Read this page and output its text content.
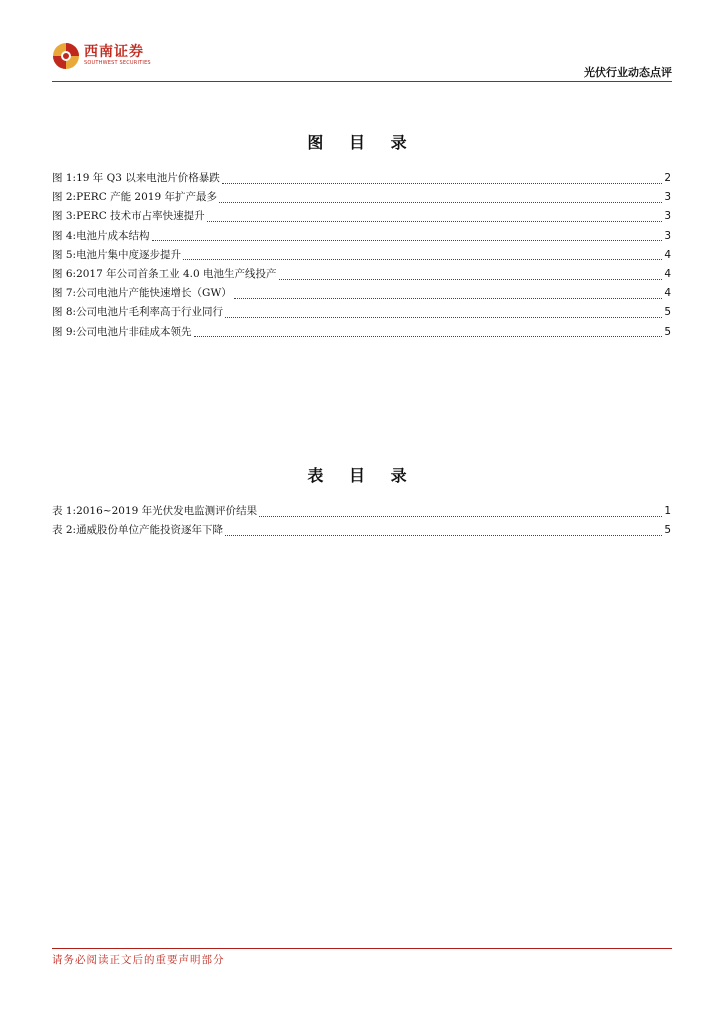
西南证券
SOUTHWEST SECURITIES
光伏行业动态点评
图 目 录
图 1: 19 年 Q3 以来电池片价格暴跌	2
图 2: PERC 产能 2019 年扩产最多	3
图 3: PERC 技术市占率快速提升	3
图 4: 电池片成本结构	3
图 5: 电池片集中度逐步提升	4
图 6: 2017 年公司首条工业 4.0 电池生产线投产	4
图 7: 公司电池片产能快速增长（GW）	4
图 8: 公司电池片毛利率高于行业同行	5
图 9: 公司电池片非硅成本领先	5
表 目 录
表 1: 2016~2019 年光伏发电监测评价结果	1
表 2: 通威股份单位产能投资逐年下降	5
请务必阅读正文后的重要声明部分
